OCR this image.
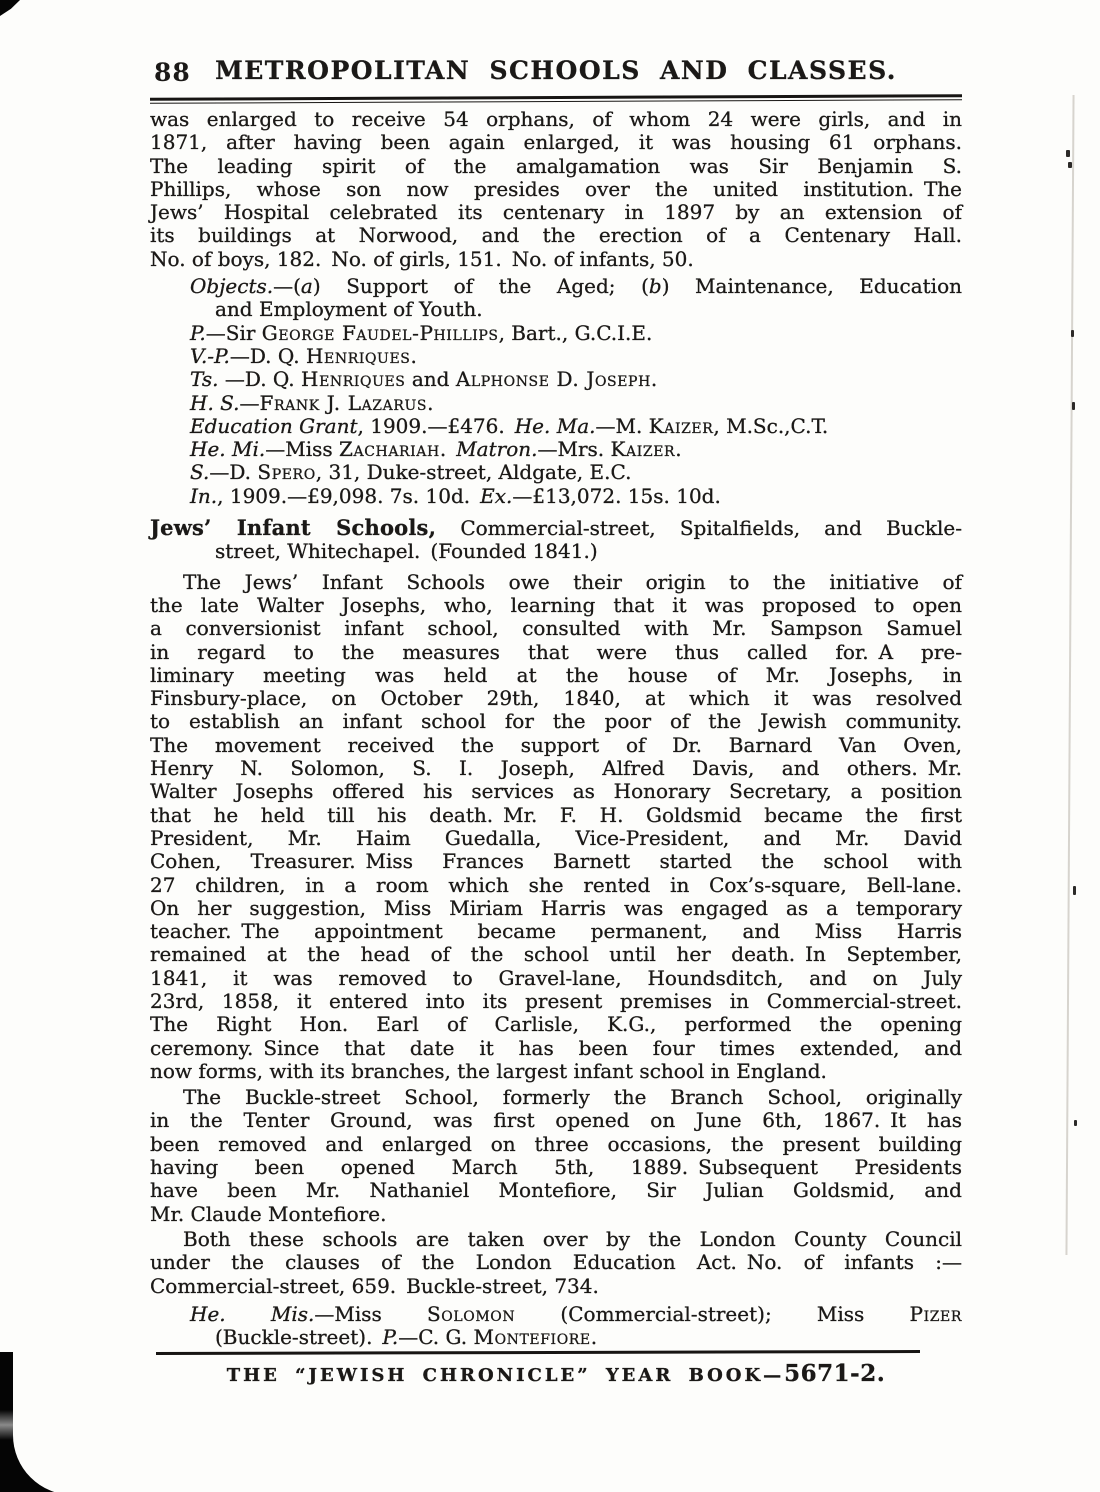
88 METROPOLITAN SCHOOLS AND CLASSES.
was enlarged to receive 54 orphans, of whom 24 were girls, and in
1871, after having been again enlarged, it was housing 61 orphans.
The leading spirit of the amalgamation was Sir Benjamin S.
Phillips, whose son now presides over the united institution. The
Jews’ Hospital celebrated its centenary in 1897 by an extension of
its buildings at Norwood, and the erection of a Centenary Hall.
No. of boys, 182. No. of girls, 151. No. of infants, 50.
Objects.—(a) Support of the Aged; (b) Maintenance, Education
and Employment of Youth.
P.—Sir George Faudel-Phillips, Bart., G.C.I.E.
V.-P.—D. Q. Henriques.
Ts. —D. Q. Henriques and Alphonse D. Joseph.
H. S.—Frank J. Lazarus.
Education Grant, 1909.—£476. He. Ma.—M. Kaizer, M.Sc.,C.T.
He. Mi.—Miss Zachariah. Matron.—Mrs. Kaizer.
S.—D. Spero, 31, Duke-street, Aldgate, E.C.
In., 1909.—£9,098. 7s. 10d. Ex.—£13,072. 15s. 10d.
Jews’ Infant Schools, Commercial-street, Spitalfields, and Buckle-
street, Whitechapel. (Founded 1841.)
The Jews’ Infant Schools owe their origin to the initiative of
the late Walter Josephs, who, learning that it was proposed to open
a conversionist infant school, consulted with Mr. Sampson Samuel
in regard to the measures that were thus called for. A pre-
liminary meeting was held at the house of Mr. Josephs, in
Finsbury-place, on October 29th, 1840, at which it was resolved
to establish an infant school for the poor of the Jewish community.
The movement received the support of Dr. Barnard Van Oven,
Henry N. Solomon, S. I. Joseph, Alfred Davis, and others. Mr.
Walter Josephs offered his services as Honorary Secretary, a position
that he held till his death. Mr. F. H. Goldsmid became the first
President, Mr. Haim Guedalla, Vice-President, and Mr. David
Cohen, Treasurer. Miss Frances Barnett started the school with
27 children, in a room which she rented in Cox’s-square, Bell-lane.
On her suggestion, Miss Miriam Harris was engaged as a temporary
teacher. The appointment became permanent, and Miss Harris
remained at the head of the school until her death. In September,
1841, it was removed to Gravel-lane, Houndsditch, and on July
23rd, 1858, it entered into its present premises in Commercial-street.
The Right Hon. Earl of Carlisle, K.G., performed the opening
ceremony. Since that date it has been four times extended, and
now forms, with its branches, the largest infant school in England.
The Buckle-street School, formerly the Branch School, originally
in the Tenter Ground, was first opened on June 6th, 1867. It has
been removed and enlarged on three occasions, the present building
having been opened March 5th, 1889. Subsequent Presidents
have been Mr. Nathaniel Montefiore, Sir Julian Goldsmid, and
Mr. Claude Montefiore.
Both these schools are taken over by the London County Council
under the clauses of the London Education Act. No. of infants :—
Commercial-street, 659. Buckle-street, 734.
He. Mis.—Miss Solomon (Commercial-street); Miss Pizer
(Buckle-street). P.—C. G. Montefiore.
THE “JEWISH CHRONICLE” YEAR BOOK—5671-2.
